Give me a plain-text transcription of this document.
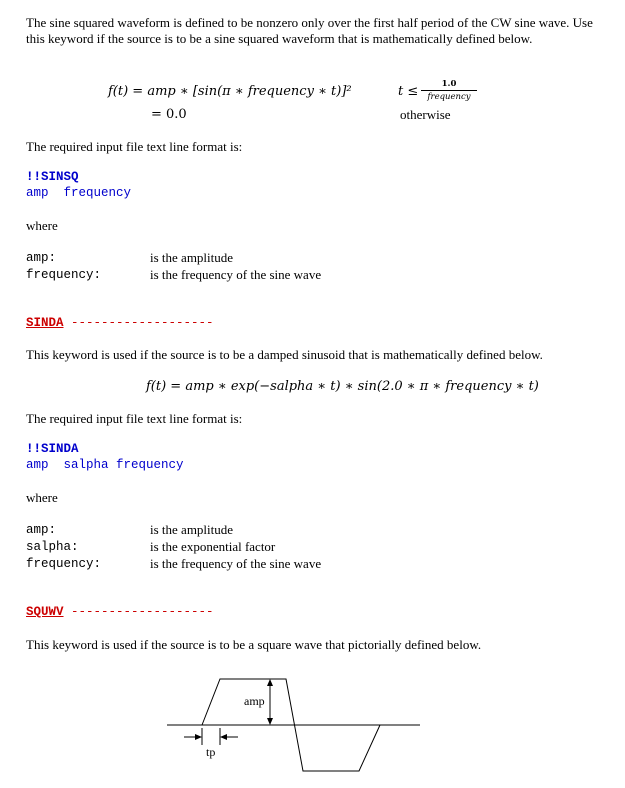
The sine squared waveform is defined to be nonzero only over the first half period of the CW sine wave. Use this keyword if the source is to be a sine squared waveform that is mathematically defined below.
f(t) = amp ∗ [sin(π ∗ frequency ∗ t)]²
= 0.0
t ≤	1.0
frequency
otherwise
The required input file text line format is:
!!SINSQ
amp  frequency
where
amp:	is the amplitude
frequency:	is the frequency of the sine wave
SINDA -------------------
This keyword is used if the source is to be a damped sinusoid that is mathematically defined below.
f(t) = amp ∗ exp(−salpha ∗ t) ∗ sin(2.0 ∗ π ∗ frequency ∗ t)
The required input file text line format is:
!!SINDA
amp  salpha frequency
where
amp:	is the amplitude
salpha:	is the exponential factor
frequency:	is the frequency of the sine wave
SQUWV -------------------
This keyword is used if the source is to be a square wave that pictorially defined below.
amp
tp
